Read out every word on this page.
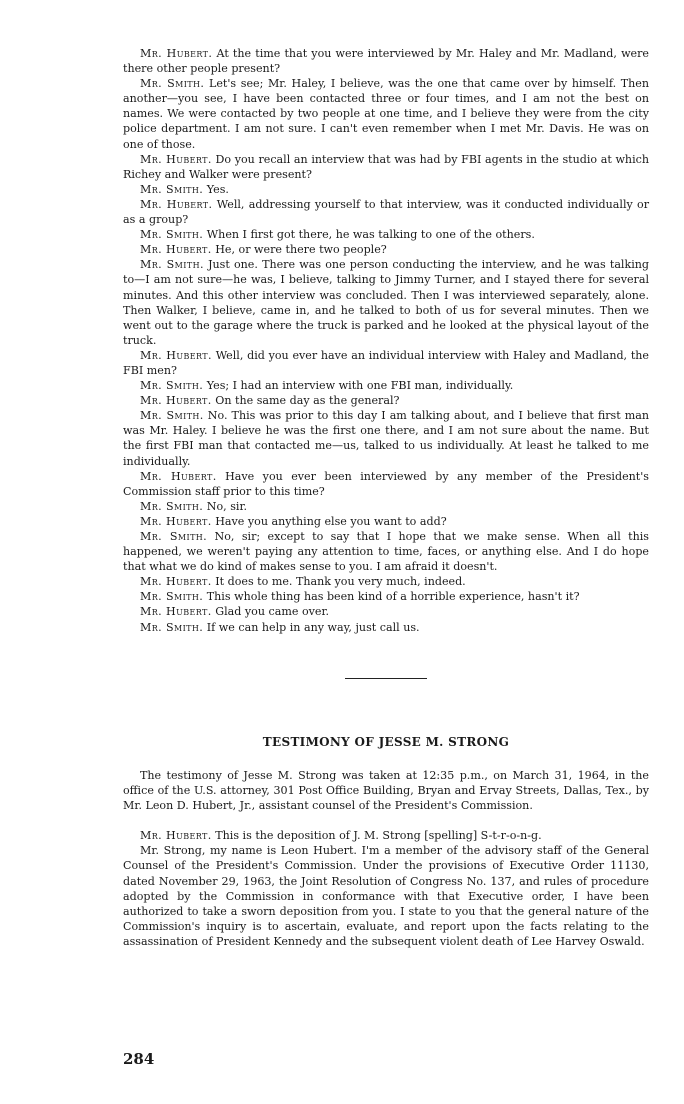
Mr. Hubert. At the time that you were interviewed by Mr. Haley and Mr. Madland, were there other people present?

Mr. Smith. Let's see; Mr. Haley, I believe, was the one that came over by himself. Then another—you see, I have been contacted three or four times, and I am not the best on names. We were contacted by two people at one time, and I believe they were from the city police department. I am not sure. I can't even remember when I met Mr. Davis. He was on one of those.

Mr. Hubert. Do you recall an interview that was had by FBI agents in the studio at which Richey and Walker were present?

Mr. Smith. Yes.

Mr. Hubert. Well, addressing yourself to that interview, was it conducted individually or as a group?

Mr. Smith. When I first got there, he was talking to one of the others.

Mr. Hubert. He, or were there two people?

Mr. Smith. Just one. There was one person conducting the interview, and he was talking to—I am not sure—he was, I believe, talking to Jimmy Turner, and I stayed there for several minutes. And this other interview was concluded. Then I was interviewed separately, alone. Then Walker, I believe, came in, and he talked to both of us for several minutes. Then we went out to the garage where the truck is parked and he looked at the physical layout of the truck.

Mr. Hubert. Well, did you ever have an individual interview with Haley and Madland, the FBI men?

Mr. Smith. Yes; I had an interview with one FBI man, individually.

Mr. Hubert. On the same day as the general?

Mr. Smith. No. This was prior to this day I am talking about, and I believe that first man was Mr. Haley. I believe he was the first one there, and I am not sure about the name. But the first FBI man that contacted me—us, talked to us individually. At least he talked to me individually.

Mr. Hubert. Have you ever been interviewed by any member of the President's Commission staff prior to this time?

Mr. Smith. No, sir.

Mr. Hubert. Have you anything else you want to add?

Mr. Smith. No, sir; except to say that I hope that we make sense. When all this happened, we weren't paying any attention to time, faces, or anything else. And I do hope that what we do kind of makes sense to you. I am afraid it doesn't.

Mr. Hubert. It does to me. Thank you very much, indeed.

Mr. Smith. This whole thing has been kind of a horrible experience, hasn't it?

Mr. Hubert. Glad you came over.

Mr. Smith. If we can help in any way, just call us.

TESTIMONY OF JESSE M. STRONG

The testimony of Jesse M. Strong was taken at 12:35 p.m., on March 31, 1964, in the office of the U.S. attorney, 301 Post Office Building, Bryan and Ervay Streets, Dallas, Tex., by Mr. Leon D. Hubert, Jr., assistant counsel of the President's Commission.

Mr. Hubert. This is the deposition of J. M. Strong [spelling] S-t-r-o-n-g.

Mr. Strong, my name is Leon Hubert. I'm a member of the advisory staff of the General Counsel of the President's Commission. Under the provisions of Executive Order 11130, dated November 29, 1963, the Joint Resolution of Congress No. 137, and rules of procedure adopted by the Commission in conformance with that Executive order, I have been authorized to take a sworn deposition from you. I state to you that the general nature of the Commission's inquiry is to ascertain, evaluate, and report upon the facts relating to the assassination of President Kennedy and the subsequent violent death of Lee Harvey Oswald.

284
